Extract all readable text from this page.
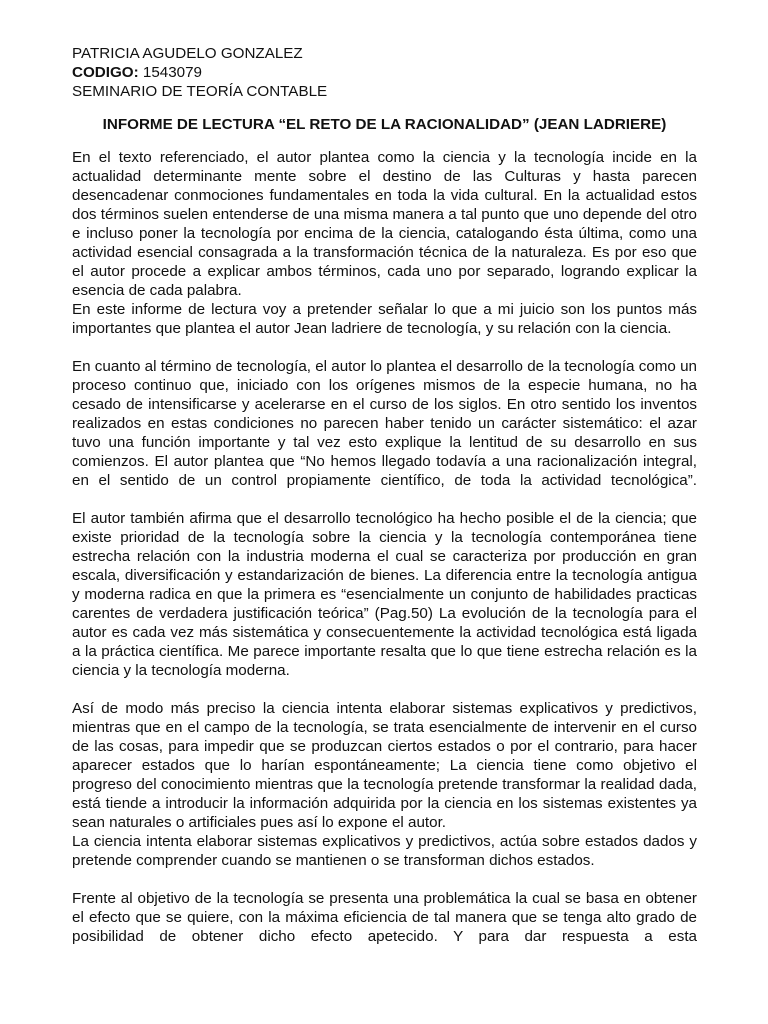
PATRICIA AGUDELO GONZALEZ
CODIGO: 1543079
SEMINARIO DE TEORÍA CONTABLE
INFORME DE LECTURA “EL RETO DE LA RACIONALIDAD” (JEAN LADRIERE)

En el texto referenciado, el autor plantea como la ciencia y la tecnología incide en la actualidad determinante mente sobre el destino de las Culturas y hasta parecen desencadenar conmociones fundamentales en toda la vida cultural. En la actualidad estos dos términos suelen entenderse de una misma manera a tal punto que uno depende del otro e incluso poner la tecnología por encima de la ciencia, catalogando ésta última, como una actividad esencial consagrada a la transformación técnica de la naturaleza. Es por eso que el autor procede a explicar ambos términos, cada uno por separado, logrando explicar la esencia de cada palabra.

En este informe de lectura voy a pretender señalar lo que a mi juicio son los puntos más importantes que plantea el autor Jean ladriere de tecnología, y su relación con la ciencia.

En cuanto al término de tecnología, el autor lo plantea el desarrollo de la tecnología como un proceso continuo que, iniciado con los orígenes mismos de la especie humana, no ha cesado de intensificarse y acelerarse en el curso de los siglos. En otro sentido los inventos realizados en estas condiciones no parecen haber tenido un carácter sistemático: el azar tuvo una función importante y tal vez esto explique la lentitud de su desarrollo en sus comienzos. El autor plantea que “No hemos llegado todavía a una racionalización integral, en el sentido de un control propiamente científico, de toda la actividad tecnológica”.

El autor también afirma que el desarrollo tecnológico ha hecho posible el de la ciencia; que existe prioridad de la tecnología sobre la ciencia y la tecnología contemporánea tiene estrecha relación con la industria moderna el cual se caracteriza por producción en gran escala, diversificación y estandarización de bienes. La diferencia entre la tecnología antigua y moderna radica en que la primera es “esencialmente un conjunto de habilidades practicas carentes de verdadera justificación teórica” (Pag.50) La evolución de la tecnología para el autor es cada vez más sistemática y consecuentemente la actividad tecnológica está ligada a la práctica científica. Me parece importante resalta que lo que tiene estrecha relación es la ciencia y la tecnología moderna.

Así de modo más preciso la ciencia intenta elaborar sistemas explicativos y predictivos, mientras que en el campo de la tecnología, se trata esencialmente de intervenir en el curso de las cosas, para impedir que se produzcan ciertos estados o por el contrario, para hacer aparecer estados que lo harían espontáneamente; La ciencia tiene como objetivo el progreso del conocimiento mientras que la tecnología pretende transformar la realidad dada, está tiende a introducir la información adquirida por la ciencia en los sistemas existentes ya sean naturales o artificiales pues así lo expone el autor.

La ciencia intenta elaborar sistemas explicativos y predictivos, actúa sobre estados dados y pretende comprender cuando se mantienen o se transforman dichos estados.

Frente al objetivo de la tecnología se presenta una problemática la cual se basa en obtener el efecto que se quiere, con la máxima eficiencia de tal manera que se tenga alto grado de posibilidad de obtener dicho efecto apetecido. Y para dar respuesta a esta
